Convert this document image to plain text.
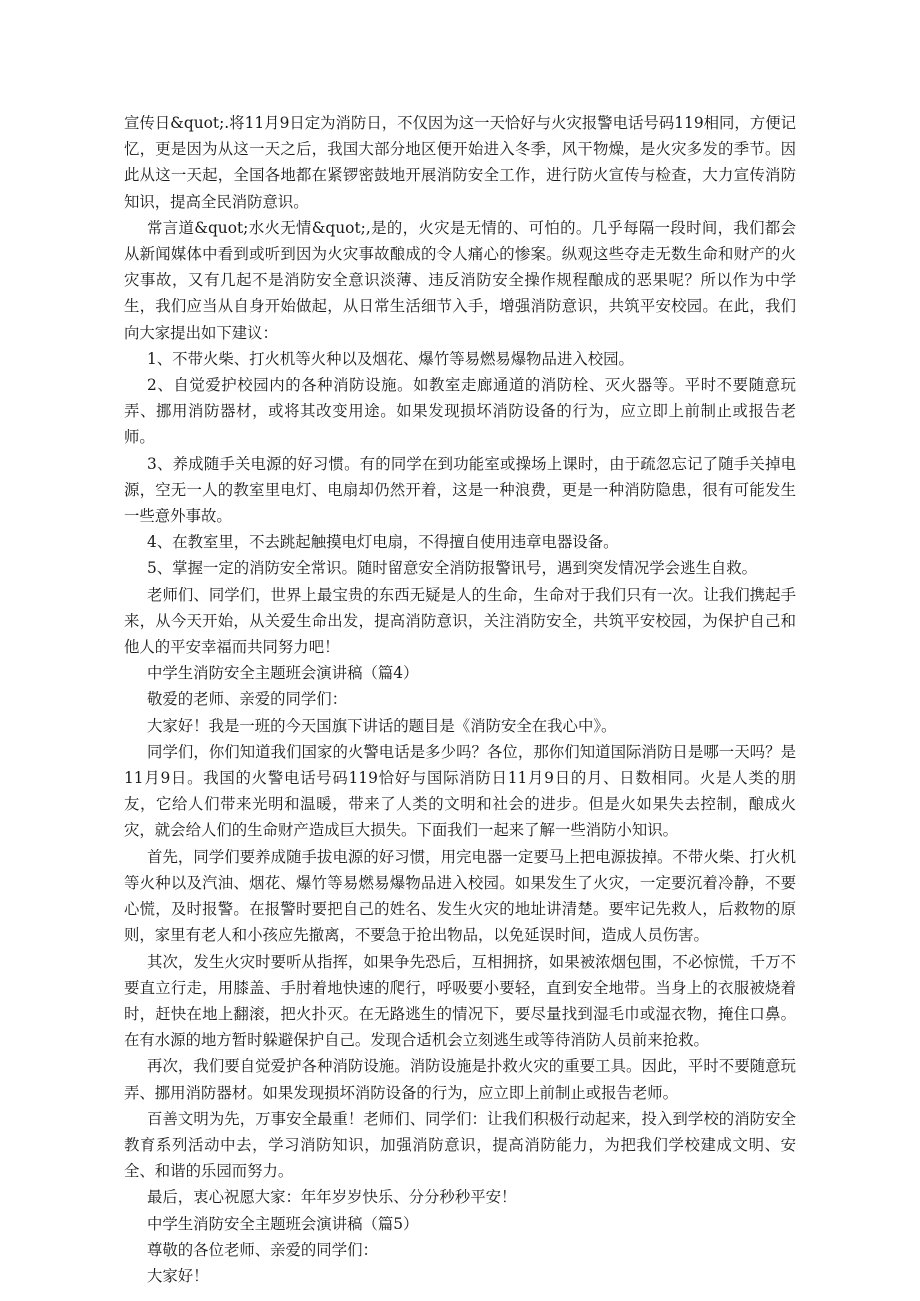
宣传日&quot;.将11月9日定为消防日，不仅因为这一天恰好与火灾报警电话号码119相同，方便记忆，更是因为从这一天之后，我国大部分地区便开始进入冬季，风干物燥，是火灾多发的季节。因此从这一天起，全国各地都在紧锣密鼓地开展消防安全工作，进行防火宣传与检查，大力宣传消防知识，提高全民消防意识。

常言道&quot;水火无情&quot;,是的，火灾是无情的、可怕的。几乎每隔一段时间，我们都会从新闻媒体中看到或听到因为火灾事故酿成的令人痛心的惨案。纵观这些夺走无数生命和财产的火灾事故，又有几起不是消防安全意识淡薄、违反消防安全操作规程酿成的恶果呢？所以作为中学生，我们应当从自身开始做起，从日常生活细节入手，增强消防意识，共筑平安校园。在此，我们向大家提出如下建议：

1、不带火柴、打火机等火种以及烟花、爆竹等易燃易爆物品进入校园。

2、自觉爱护校园内的各种消防设施。如教室走廊通道的消防栓、灭火器等。平时不要随意玩弄、挪用消防器材，或将其改变用途。如果发现损坏消防设备的行为，应立即上前制止或报告老师。

3、养成随手关电源的好习惯。有的同学在到功能室或操场上课时，由于疏忽忘记了随手关掉电源，空无一人的教室里电灯、电扇却仍然开着，这是一种浪费，更是一种消防隐患，很有可能发生一些意外事故。

4、在教室里，不去跳起触摸电灯电扇，不得擅自使用违章电器设备。

5、掌握一定的消防安全常识。随时留意安全消防报警讯号，遇到突发情况学会逃生自救。

老师们、同学们，世界上最宝贵的东西无疑是人的生命，生命对于我们只有一次。让我们携起手来，从今天开始，从关爱生命出发，提高消防意识，关注消防安全，共筑平安校园，为保护自己和他人的平安幸福而共同努力吧！

中学生消防安全主题班会演讲稿（篇4）

敬爱的老师、亲爱的同学们：

大家好！我是一班的今天国旗下讲话的题目是《消防安全在我心中》。

同学们，你们知道我们国家的火警电话是多少吗？各位，那你们知道国际消防日是哪一天吗？是11月9日。我国的火警电话号码119恰好与国际消防日11月9日的月、日数相同。火是人类的朋友，它给人们带来光明和温暖，带来了人类的文明和社会的进步。但是火如果失去控制，酿成火灾，就会给人们的生命财产造成巨大损失。下面我们一起来了解一些消防小知识。

首先，同学们要养成随手拔电源的好习惯，用完电器一定要马上把电源拔掉。不带火柴、打火机等火种以及汽油、烟花、爆竹等易燃易爆物品进入校园。如果发生了火灾，一定要沉着冷静，不要心慌，及时报警。在报警时要把自己的姓名、发生火灾的地址讲清楚。要牢记先救人，后救物的原则，家里有老人和小孩应先撤离，不要急于抢出物品，以免延误时间，造成人员伤害。

其次，发生火灾时要听从指挥，如果争先恐后，互相拥挤，如果被浓烟包围，不必惊慌，千万不要直立行走，用膝盖、手肘着地快速的爬行，呼吸要小要轻，直到安全地带。当身上的衣服被烧着时，赶快在地上翻滚，把火扑灭。在无路逃生的情况下，要尽量找到湿毛巾或湿衣物，掩住口鼻。在有水源的地方暂时躲避保护自己。发现合适机会立刻逃生或等待消防人员前来抢救。

再次，我们要自觉爱护各种消防设施。消防设施是扑救火灾的重要工具。因此，平时不要随意玩弄、挪用消防器材。如果发现损坏消防设备的行为，应立即上前制止或报告老师。

百善文明为先，万事安全最重！老师们、同学们：让我们积极行动起来，投入到学校的消防安全教育系列活动中去，学习消防知识，加强消防意识，提高消防能力，为把我们学校建成文明、安全、和谐的乐园而努力。

最后，衷心祝愿大家：年年岁岁快乐、分分秒秒平安！

中学生消防安全主题班会演讲稿（篇5）

尊敬的各位老师、亲爱的同学们：

大家好！
